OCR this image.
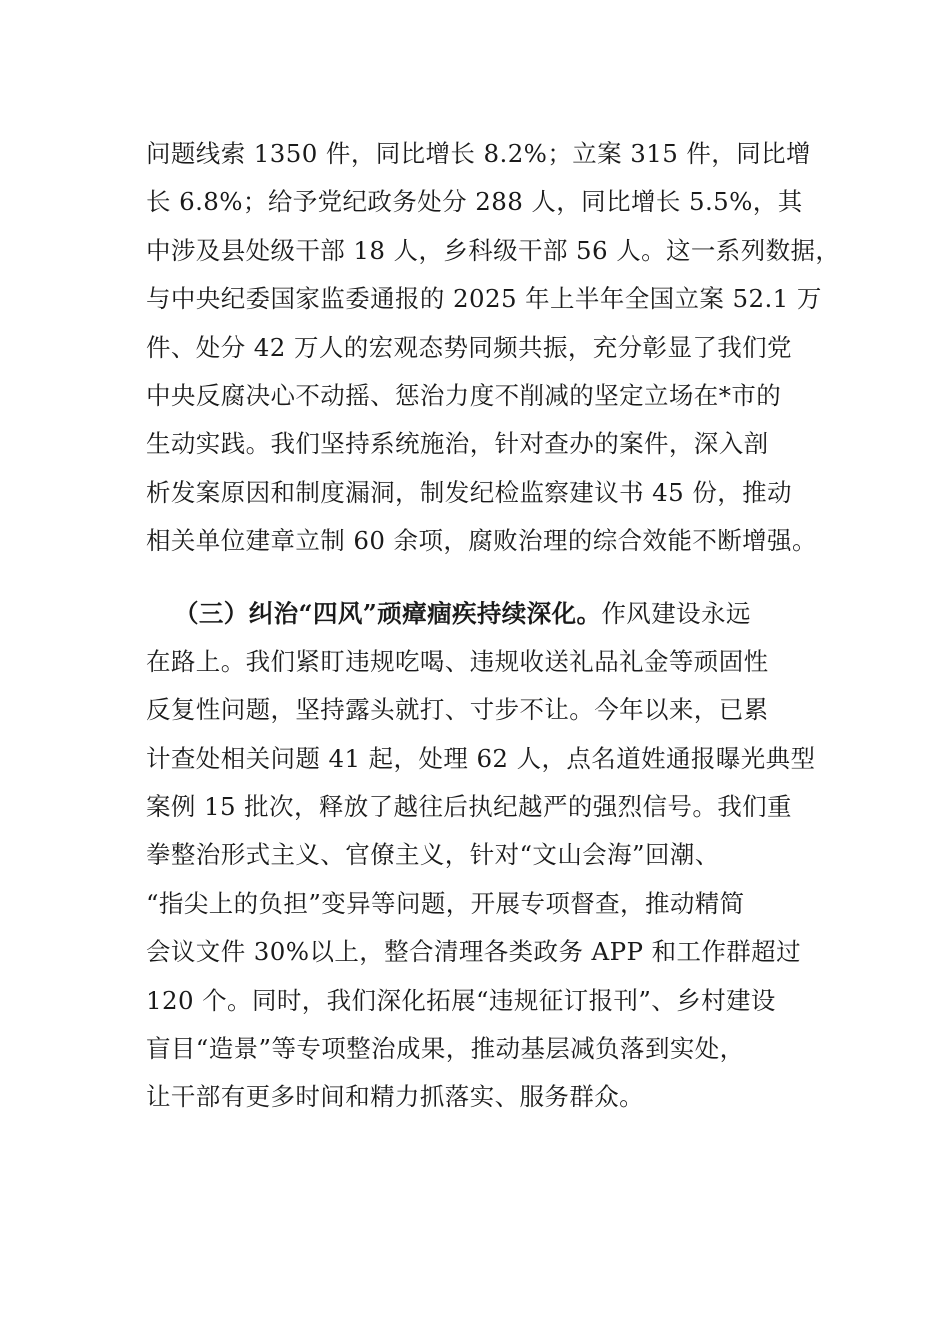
问题线索 1350 件，同比增长 8.2%；立案 315 件，同比增
长 6.8%；给予党纪政务处分 288 人，同比增长 5.5%，其
中涉及县处级干部 18 人，乡科级干部 56 人。这一系列数据，
与中央纪委国家监委通报的 2025 年上半年全国立案 52.1 万
件、处分 42 万人的宏观态势同频共振，充分彰显了我们党
中央反腐决心不动摇、惩治力度不削减的坚定立场在*市的
生动实践。我们坚持系统施治，针对查办的案件，深入剖
析发案原因和制度漏洞，制发纪检监察建议书 45 份，推动
相关单位建章立制 60 余项，腐败治理的综合效能不断增强。
（三）纠治“四风”顽瘴痼疾持续深化。作风建设永远
在路上。我们紧盯违规吃喝、违规收送礼品礼金等顽固性
反复性问题，坚持露头就打、寸步不让。今年以来，已累
计查处相关问题 41 起，处理 62 人，点名道姓通报曝光典型
案例 15 批次，释放了越往后执纪越严的强烈信号。我们重
拳整治形式主义、官僚主义，针对“文山会海”回潮、
“指尖上的负担”变异等问题，开展专项督查，推动精简
会议文件 30%以上，整合清理各类政务 APP 和工作群超过
120 个。同时，我们深化拓展“违规征订报刊”、乡村建设
盲目“造景”等专项整治成果，推动基层减负落到实处，
让干部有更多时间和精力抓落实、服务群众。
